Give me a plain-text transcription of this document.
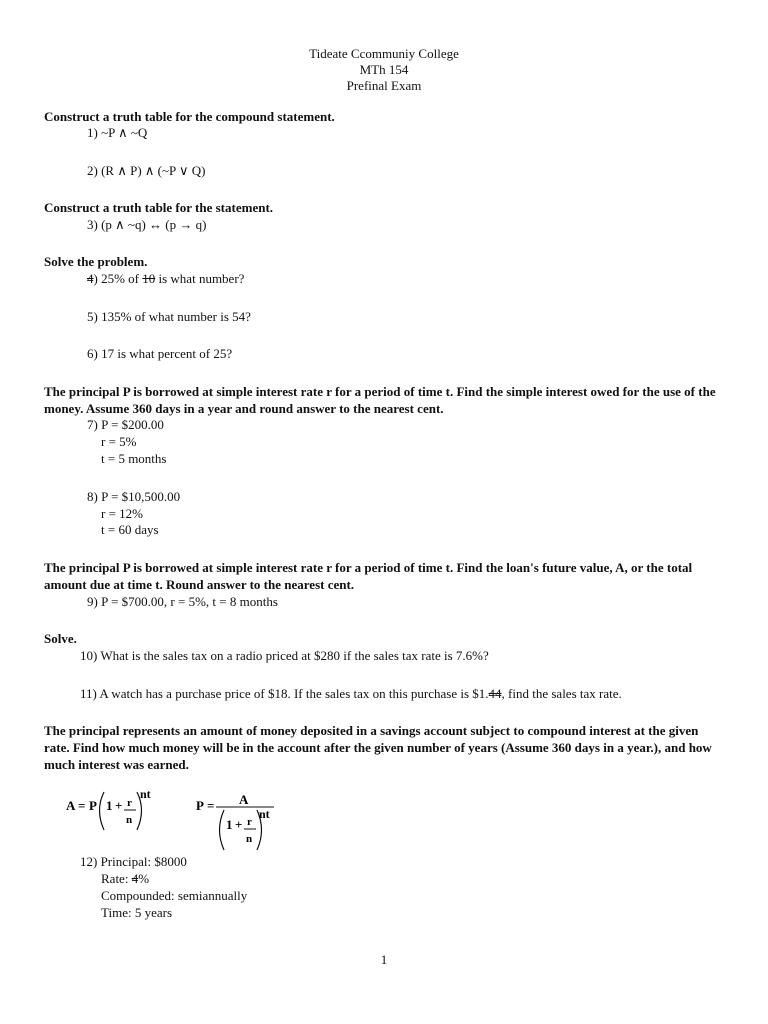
Tideate Ccommuniy College
MTh 154
Prefinal Exam
Construct a truth table for the compound statement.
1) ~P ∧ ~Q
2) (R ∧ P) ∧ (~P ∨ Q)
Construct a truth table for the statement.
3) (p ∧ ~q) ↔ (p → q)
Solve the problem.
4) 25% of 10 is what number?
5) 135% of what number is 54?
6) 17 is what percent of 25?
The principal P is borrowed at simple interest rate r for a period of time t. Find the simple interest owed for the use of the money. Assume 360 days in a year and round answer to the nearest cent.
7) P = $200.00
r = 5%
t = 5 months
8) P = $10,500.00
r = 12%
t = 60 days
The principal P is borrowed at simple interest rate r for a period of time t. Find the loan's future value, A, or the total amount due at time t. Round answer to the nearest cent.
9) P = $700.00, r = 5%, t = 8 months
Solve.
10) What is the sales tax on a radio priced at $280 if the sales tax rate is 7.6%?
11) A watch has a purchase price of $18. If the sales tax on this purchase is $1.44, find the sales tax rate.
The principal represents an amount of money deposited in a savings account subject to compound interest at the given rate. Find how much money will be in the account after the given number of years (Assume 360 days in a year.), and how much interest was earned.
A = P 1 + r
n
nt
P = A
1 + r
n
nt
12) Principal: $8000
Rate: 4%
Compounded: semiannually
Time: 5 years
1
